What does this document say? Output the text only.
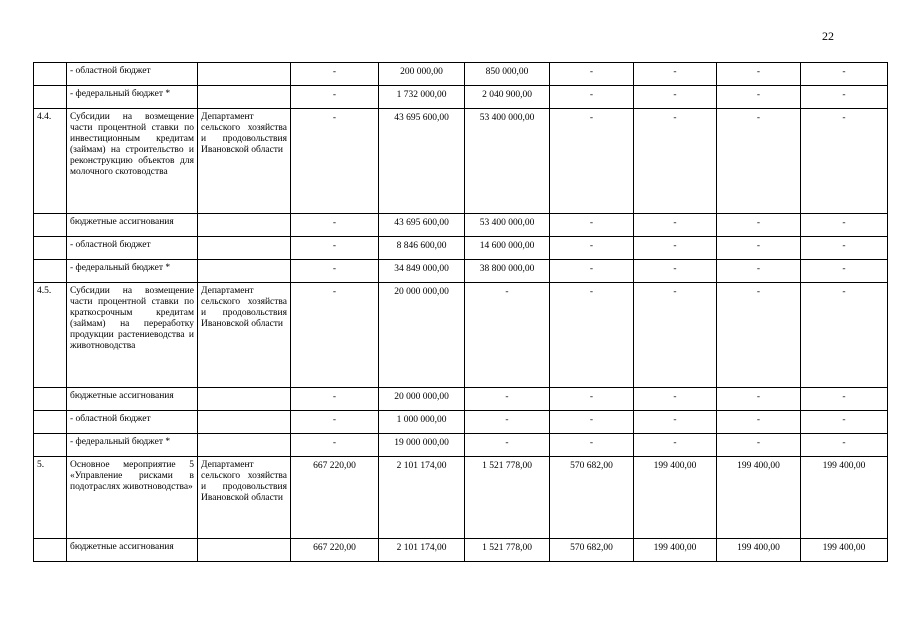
22
	- областной бюджет		-	200 000,00	850 000,00	-	-	-	-
	- федеральный бюджет *		-	1 732 000,00	2 040 900,00	-	-	-	-
4.4.	Субсидии на возмещение части процентной ставки по инвестиционным кредитам (займам) на строительство и реконструкцию объектов для молочного скотоводства	Департамент сельского хозяйства и продовольствия Ивановской области	-	43 695 600,00	53 400 000,00	-	-	-	-
	бюджетные ассигнования		-	43 695 600,00	53 400 000,00	-	-	-	-
	- областной бюджет		-	8 846 600,00	14 600 000,00	-	-	-	-
	- федеральный бюджет *		-	34 849 000,00	38 800 000,00	-	-	-	-
4.5.	Субсидии на возмещение части процентной ставки по краткосрочным кредитам (займам) на переработку продукции растениеводства и животноводства	Департамент сельского хозяйства и продовольствия Ивановской области	-	20 000 000,00	-	-	-	-	-
	бюджетные ассигнования		-	20 000 000,00	-	-	-	-	-
	- областной бюджет		-	1 000 000,00	-	-	-	-	-
	- федеральный бюджет *		-	19 000 000,00	-	-	-	-	-
5.	Основное мероприятие 5 «Управление рисками в подотраслях животноводства»	Департамент сельского хозяйства и продовольствия Ивановской области	667 220,00	2 101 174,00	1 521 778,00	570 682,00	199 400,00	199 400,00	199 400,00
	бюджетные ассигнования		667 220,00	2 101 174,00	1 521 778,00	570 682,00	199 400,00	199 400,00	199 400,00
